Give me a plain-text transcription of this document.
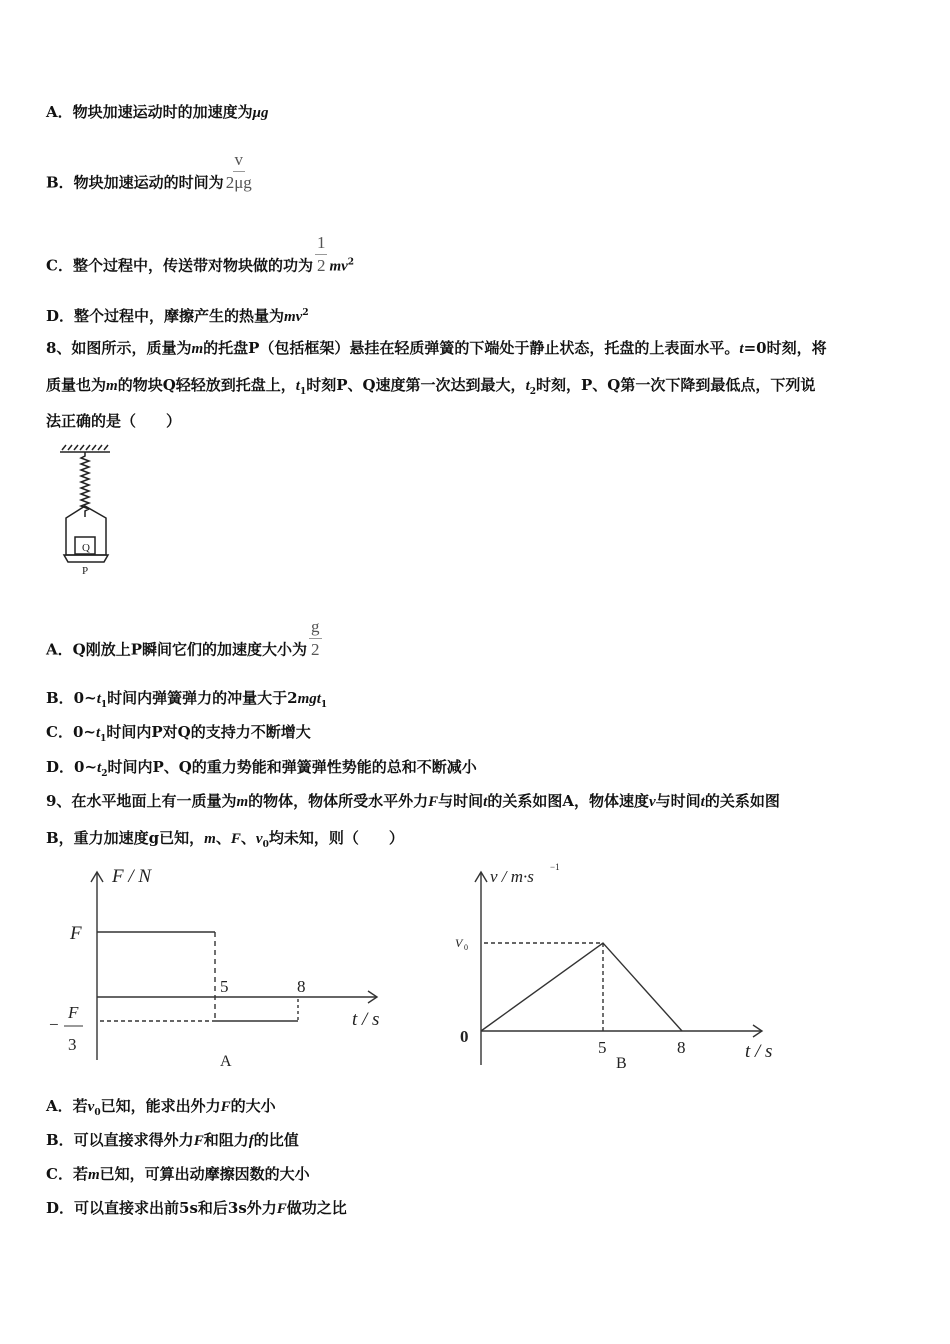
A．物块加速运动时的加速度为μg
B．物块加速运动的时间为 $\frac{v}{2\mu g}$
C．整个过程中，传送带对物块做的功为 $\frac{1}{2} mv^2$
D．整个过程中，摩擦产生的热量为$mv^2$
8、如图所示，质量为m的托盘P（包括框架）悬挂在轻质弹簧的下端处于静止状态，托盘的上表面水平。t=0时刻，将
质量也为m的物块Q轻轻放到托盘上，$t_1$时刻P、Q速度第一次达到最大，$t_2$时刻，P、Q第一次下降到最低点，下列说
法正确的是（　　）
A．Q刚放上P瞬间它们的加速度大小为 $\frac{g}{2}$
B．$0\sim t_1$时间内弹簧弹力的冲量大于2mgt$_1$
C．$0\sim t_1$时间内P对Q的支持力不断增大
D．$0\sim t_2$时间内P、Q的重力势能和弹簧弹性势能的总和不断减小
9、在水平地面上有一质量为m的物体，物体所受水平外力F与时间t的关系如图A，物体速度v与时间t的关系如图
B，重力加速度g已知，m、F、$v_0$均未知，则（　　）
A．若$v_0$已知，能求出外力F的大小
B．可以直接求得外力F和阻力f的比值
C．若m已知，可算出动摩擦因数的大小
D．可以直接求出前5s和后3s外力F做功之比
Q
P
F / N
F
5	8
t / s
−
F
3
A
v / m·s −1
V 0
0
5	8
B
t / s
